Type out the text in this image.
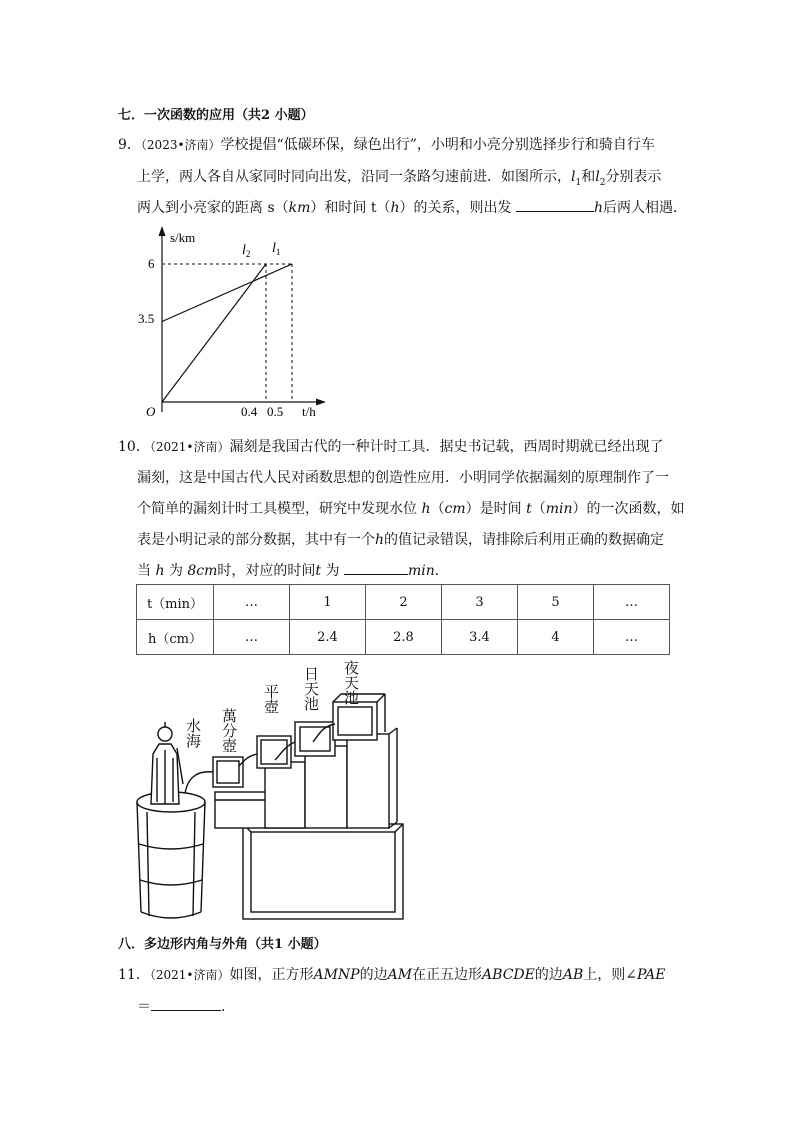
七．一次函数的应用（共2 小题）
9．（2023•济南）学校提倡“低碳环保，绿色出行”，小明和小亮分别选择步行和骑自行车
上学，两人各自从家同时同向出发，沿同一条路匀速前进．如图所示，$l_1$和$l_2$分别表示
两人到小亮家的距离 s（km）和时间 t（h）的关系，则出发	h后两人相遇．
s/km
t/h
O
6
3.5
0.4 0.5
$l_2$ $l_1$
10．（2021•济南）漏刻是我国古代的一种计时工具．据史书记载，西周时期就已经出现了
漏刻，这是中国古代人民对函数思想的创造性应用．小明同学依据漏刻的原理制作了一
个简单的漏刻计时工具模型，研究中发现水位 h（cm）是时间 t（min）的一次函数，如
表是小明记录的部分数据，其中有一个h的值记录错误，请排除后利用正确的数据确定
当 h 为 8cm时，对应的时间t 为	min．
t（min）	…	1	2	3	5	…
h（cm）	…	2.4	2.8	3.4	4	…
水海 萬分壺
平壺 日天池 夜天池
八．多边形内角与外角（共1 小题）
11．（2021•济南）如图，正方形AMNP的边AM在正五边形ABCDE的边AB上，则∠PAE
＝	．
